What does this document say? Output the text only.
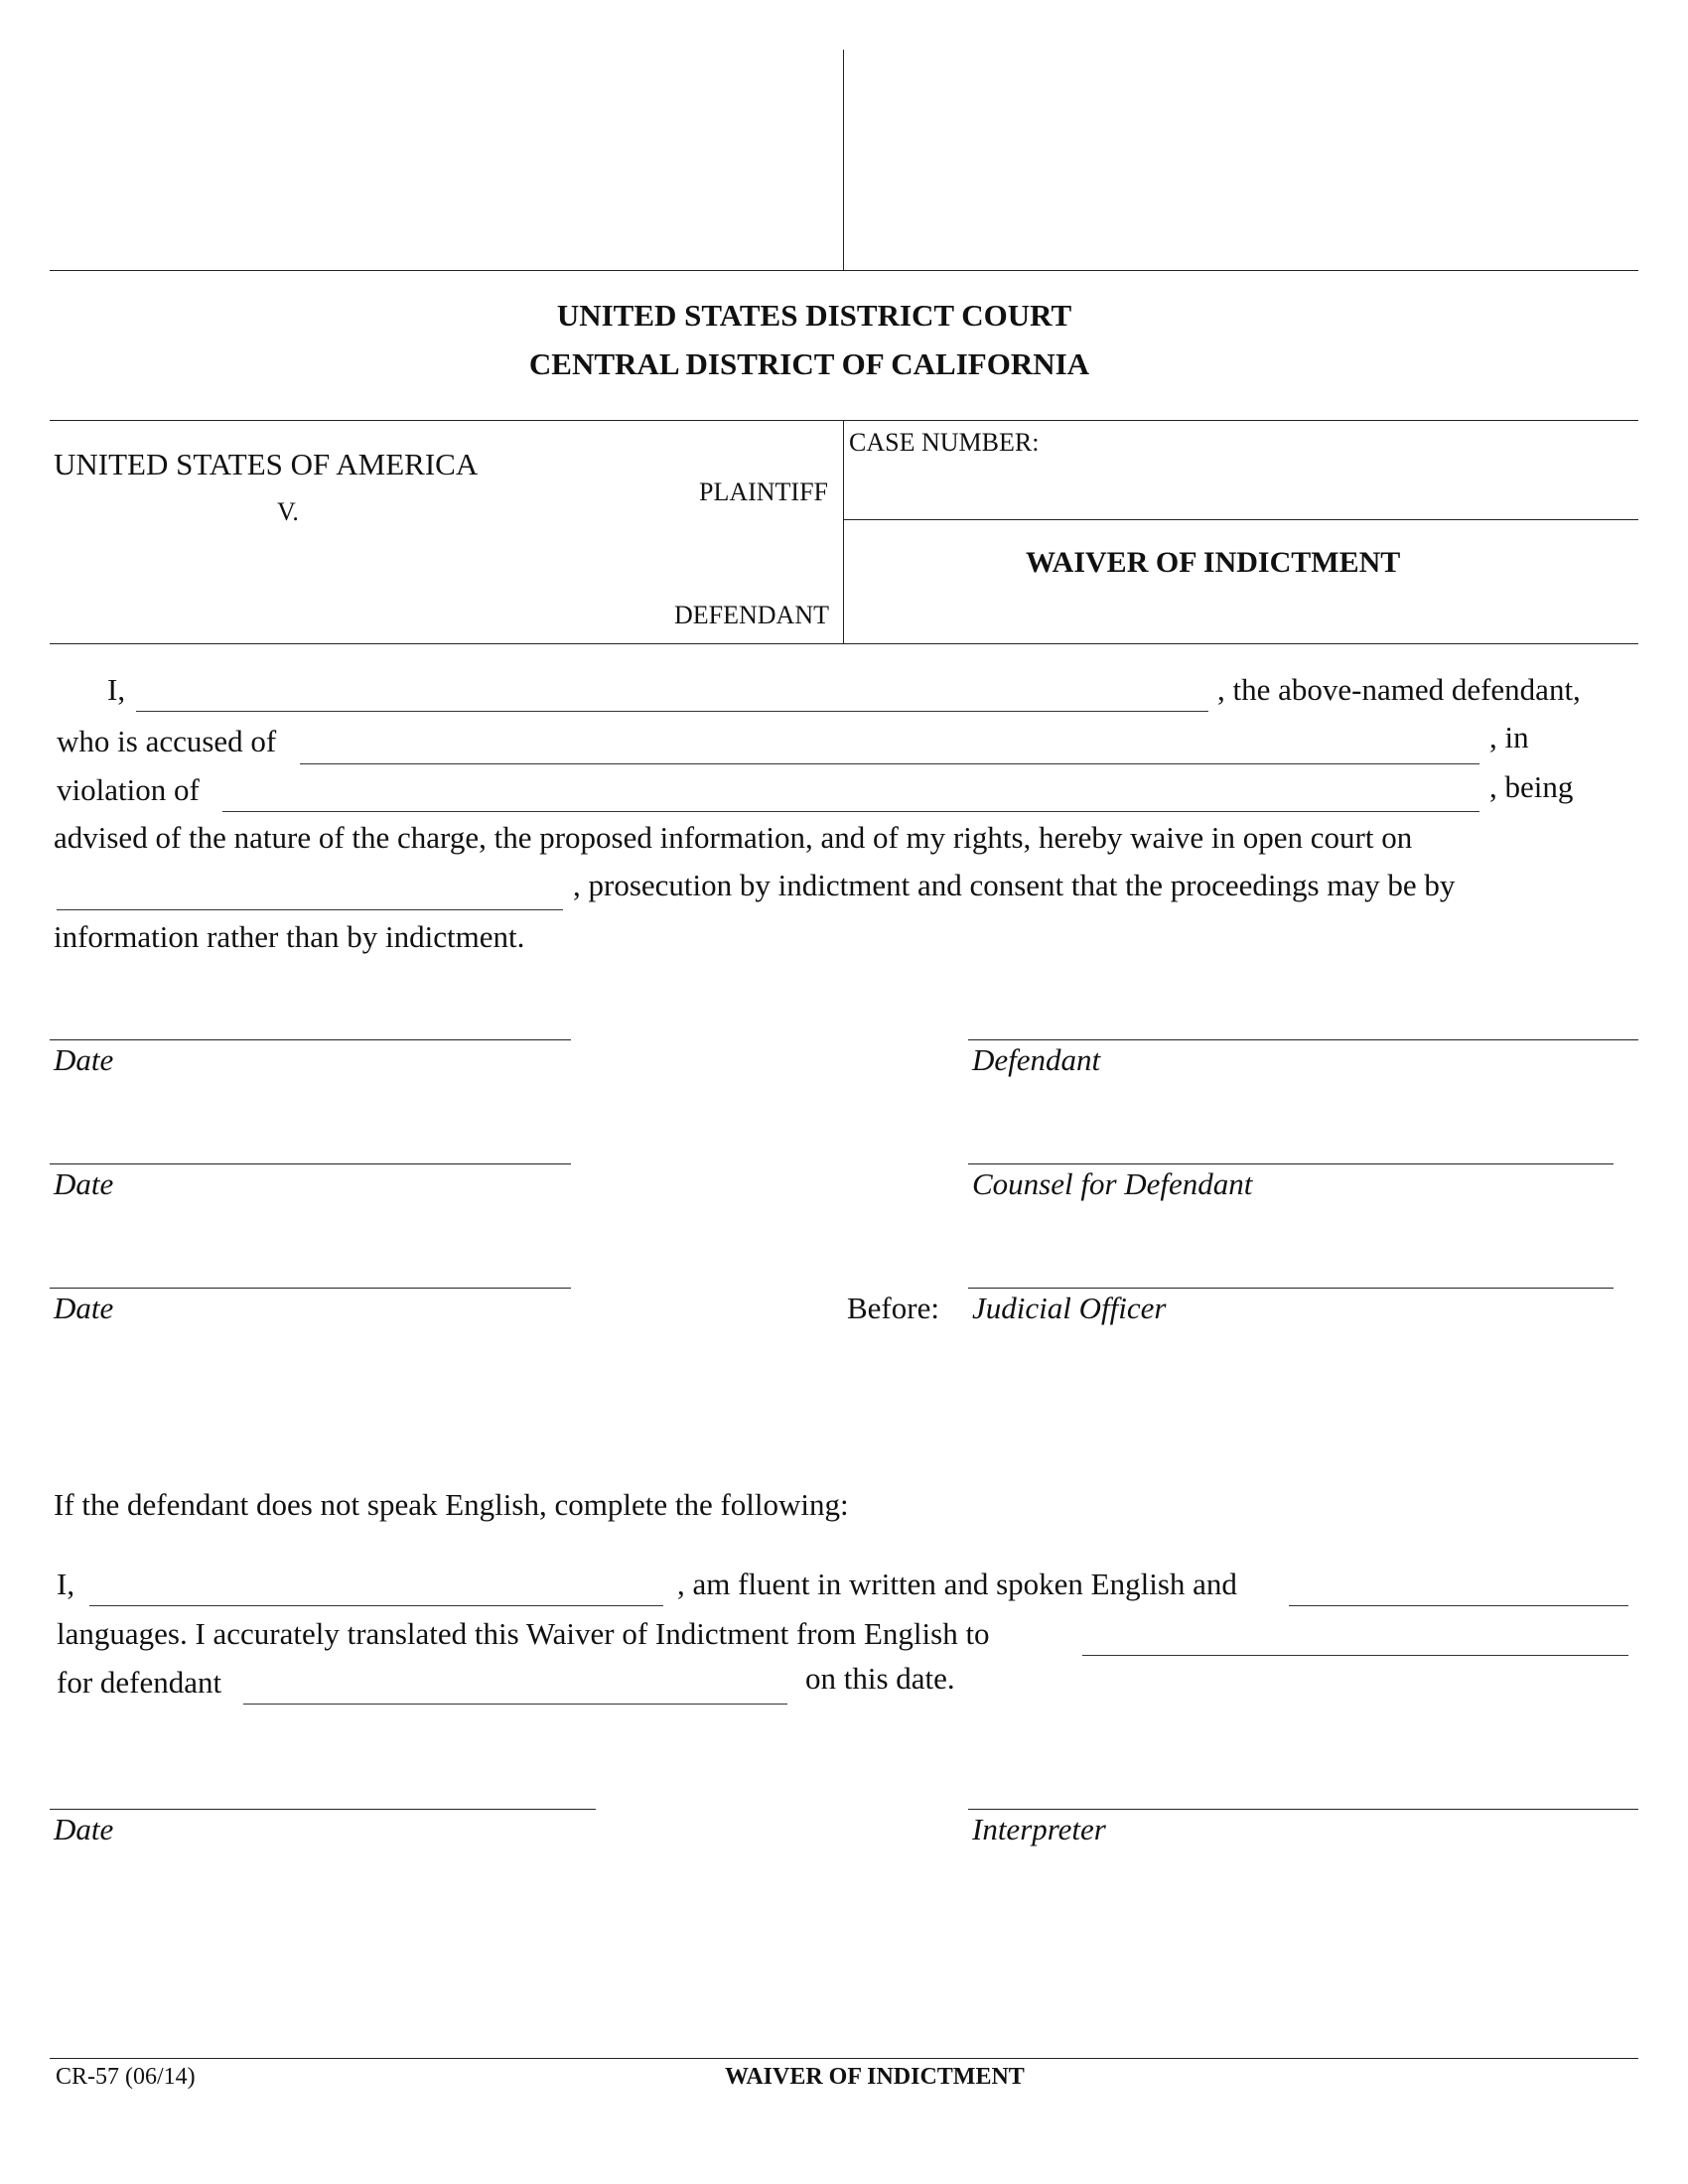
UNITED STATES DISTRICT COURT
CENTRAL DISTRICT OF CALIFORNIA
UNITED STATES OF AMERICA
V.
PLAINTIFF
DEFENDANT
CASE NUMBER:
WAIVER OF INDICTMENT
I,	, the above-named defendant,
who is accused of	, in
violation of	, being
advised of the nature of the charge, the proposed information, and of my rights, hereby waive in open court on
, prosecution by indictment and consent that the proceedings may be by
information rather than by indictment.
Date	Defendant
Date	Counsel for Defendant
Date	Before: Judicial Officer
If the defendant does not speak English, complete the following:
I,	, am fluent in written and spoken English and
languages. I accurately translated this Waiver of Indictment from English to
for defendant	on this date.
Date	Interpreter
CR-57 (06/14)	WAIVER OF INDICTMENT
